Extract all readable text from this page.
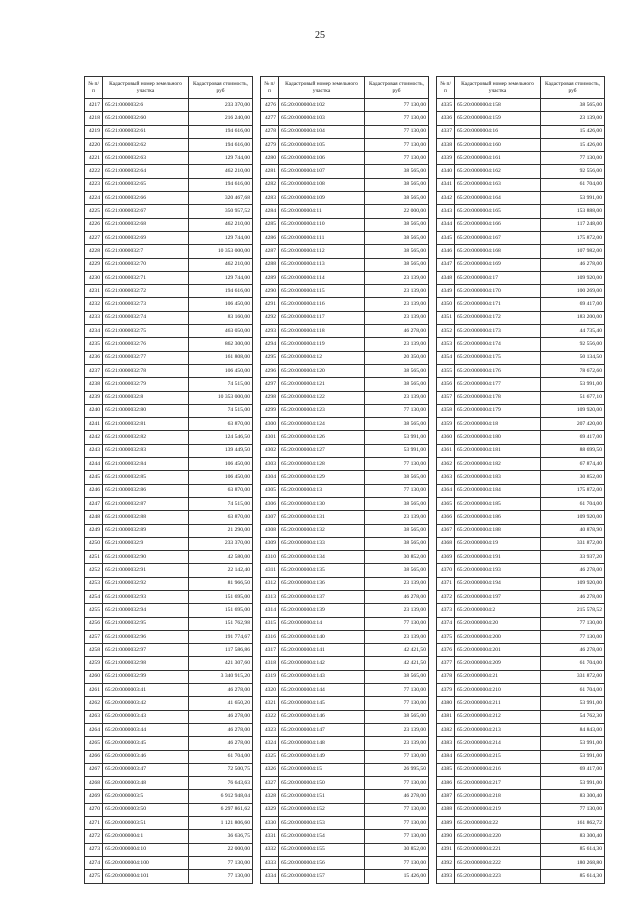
25
№ п/п	Кадастровый номер земельного участка	Кадастровая стоимость, руб
4217	65:21:0000032:6	233 370,00
4218	65:21:0000032:60	216 240,00
4219	65:21:0000032:61	194 616,00
4220	65:21:0000032:62	194 616,00
4221	65:21:0000032:63	129 744,00
4222	65:21:0000032:64	462 210,00
4223	65:21:0000032:65	194 616,00
4224	65:21:0000032:66	320 467,68
4225	65:21:0000032:67	350 957,52
4226	65:21:0000032:68	462 210,00
4227	65:21:0000032:69	129 744,00
4228	65:21:0000032:7	10 353 000,00
4229	65:21:0000032:70	462 210,00
4230	65:21:0000032:71	129 744,00
4231	65:21:0000032:72	194 616,00
4232	65:21:0000032:73	106 450,00
4233	65:21:0000032:74	83 160,00
4234	65:21:0000032:75	463 050,00
4235	65:21:0000032:76	862 300,00
4236	65:21:0000032:77	161 808,00
4237	65:21:0000032:78	106 450,00
4238	65:21:0000032:79	74 515,00
4239	65:21:0000032:8	10 353 000,00
4240	65:21:0000032:80	74 515,00
4241	65:21:0000032:81	63 870,00
4242	65:21:0000032:82	124 546,50
4243	65:21:0000032:83	139 449,50
4244	65:21:0000032:84	106 450,00
4245	65:21:0000032:85	106 450,00
4246	65:21:0000032:86	63 870,00
4247	65:21:0000032:87	74 515,00
4248	65:21:0000032:88	63 870,00
4249	65:21:0000032:89	21 290,00
4250	65:21:0000032:9	233 370,00
4251	65:21:0000032:90	42 580,00
4252	65:21:0000032:91	22 142,40
4253	65:21:0000032:92	81 966,50
4254	65:21:0000032:93	151 695,00
4255	65:21:0000032:94	151 695,00
4256	65:21:0000032:95	151 762,98
4257	65:21:0000032:96	191 774,67
4258	65:21:0000032:97	117 586,86
4259	65:21:0000032:98	421 307,60
4260	65:21:0000032:99	3 340 915,20
4261	65:20:0000003:41	46 278,00
4262	65:20:0000003:42	41 650,20
4263	65:20:0000003:43	46 278,00
4264	65:20:0000003:44	46 278,00
4265	65:20:0000003:45	46 278,00
4266	65:20:0000003:46	61 704,00
4267	65:20:0000003:47	72 500,75
4268	65:20:0000003:48	76 643,63
4269	65:20:0000003:5	6 912 948,04
4270	65:20:0000003:50	6 297 861,62
4271	65:20:0000003:51	1 121 806,60
4272	65:20:0000004:1	36 636,75
4273	65:20:0000004:10	22 000,00
4274	65:20:0000004:100	77 130,00
4275	65:20:0000004:101	77 130,00
№ п/п	Кадастровый номер земельного участка	Кадастровая стоимость, руб
4276	65:20:0000004:102	77 130,00
4277	65:20:0000004:103	77 130,00
4278	65:20:0000004:104	77 130,00
4279	65:20:0000004:105	77 130,00
4280	65:20:0000004:106	77 130,00
4281	65:20:0000004:107	38 565,00
4282	65:20:0000004:108	38 565,00
4283	65:20:0000004:109	38 565,00
4284	65:20:0000004:11	22 000,00
4285	65:20:0000004:110	38 565,00
4286	65:20:0000004:111	38 565,00
4287	65:20:0000004:112	38 565,00
4288	65:20:0000004:113	38 565,00
4289	65:20:0000004:114	23 139,00
4290	65:20:0000004:115	23 139,00
4291	65:20:0000004:116	23 139,00
4292	65:20:0000004:117	23 139,00
4293	65:20:0000004:118	46 278,00
4294	65:20:0000004:119	23 139,00
4295	65:20:0000004:12	20 350,00
4296	65:20:0000004:120	38 565,00
4297	65:20:0000004:121	38 565,00
4298	65:20:0000004:122	23 139,00
4299	65:20:0000004:123	77 130,00
4300	65:20:0000004:124	38 565,00
4301	65:20:0000004:126	53 991,00
4302	65:20:0000004:127	53 991,00
4303	65:20:0000004:128	77 130,00
4304	65:20:0000004:129	38 565,00
4305	65:20:0000004:13	77 130,00
4306	65:20:0000004:130	38 565,00
4307	65:20:0000004:131	23 139,00
4308	65:20:0000004:132	38 565,00
4309	65:20:0000004:133	38 565,00
4310	65:20:0000004:134	30 852,00
4311	65:20:0000004:135	38 565,00
4312	65:20:0000004:136	23 139,00
4313	65:20:0000004:137	46 278,00
4314	65:20:0000004:139	23 139,00
4315	65:20:0000004:14	77 130,00
4316	65:20:0000004:140	23 139,00
4317	65:20:0000004:141	42 421,50
4318	65:20:0000004:142	42 421,50
4319	65:20:0000004:143	38 565,00
4320	65:20:0000004:144	77 130,00
4321	65:20:0000004:145	77 130,00
4322	65:20:0000004:146	38 565,00
4323	65:20:0000004:147	23 139,00
4324	65:20:0000004:148	23 139,00
4325	65:20:0000004:149	77 130,00
4326	65:20:0000004:15	26 995,50
4327	65:20:0000004:150	77 130,00
4328	65:20:0000004:151	46 278,00
4329	65:20:0000004:152	77 130,00
4330	65:20:0000004:153	77 130,00
4331	65:20:0000004:154	77 130,00
4332	65:20:0000004:155	30 852,00
4333	65:20:0000004:156	77 130,00
4334	65:20:0000004:157	15 426,00
№ п/п	Кадастровый номер земельного участка	Кадастровая стоимость, руб
4335	65:20:0000004:158	38 565,00
4336	65:20:0000004:159	23 139,00
4337	65:20:0000004:16	15 426,00
4338	65:20:0000004:160	15 426,00
4339	65:20:0000004:161	77 130,00
4340	65:20:0000004:162	92 556,00
4341	65:20:0000004:163	61 704,00
4342	65:20:0000004:164	53 991,00
4343	65:20:0000004:165	153 888,00
4344	65:20:0000004:166	117 248,00
4345	65:20:0000004:167	175 872,00
4346	65:20:0000004:168	107 982,00
4347	65:20:0000004:169	46 278,00
4348	65:20:0000004:17	109 920,00
4349	65:20:0000004:170	100 269,00
4350	65:20:0000004:171	69 417,00
4351	65:20:0000004:172	183 200,00
4352	65:20:0000004:173	44 735,40
4353	65:20:0000004:174	92 556,00
4354	65:20:0000004:175	50 134,50
4355	65:20:0000004:176	78 672,60
4356	65:20:0000004:177	53 991,00
4357	65:20:0000004:178	51 677,10
4358	65:20:0000004:179	109 920,00
4359	65:20:0000004:18	207 420,00
4360	65:20:0000004:180	69 417,00
4361	65:20:0000004:181	88 699,50
4362	65:20:0000004:182	67 874,40
4363	65:20:0000004:183	30 852,00
4364	65:20:0000004:184	175 872,00
4365	65:20:0000004:185	61 704,00
4366	65:20:0000004:186	109 920,00
4367	65:20:0000004:188	40 878,90
4368	65:20:0000004:19	331 872,00
4369	65:20:0000004:191	33 937,20
4370	65:20:0000004:193	46 278,00
4371	65:20:0000004:194	109 920,00
4372	65:20:0000004:197	46 278,00
4373	65:20:0000004:2	215 578,52
4374	65:20:0000004:20	77 130,00
4375	65:20:0000004:200	77 130,00
4376	65:20:0000004:201	46 278,00
4377	65:20:0000004:209	61 704,00
4378	65:20:0000004:21	331 872,00
4379	65:20:0000004:210	61 704,00
4380	65:20:0000004:211	53 991,00
4381	65:20:0000004:212	54 762,30
4382	65:20:0000004:213	84 843,00
4383	65:20:0000004:214	53 991,00
4384	65:20:0000004:215	53 991,00
4385	65:20:0000004:216	69 417,00
4386	65:20:0000004:217	53 991,00
4387	65:20:0000004:218	83 300,40
4388	65:20:0000004:219	77 130,00
4389	65:20:0000004:22	161 862,72
4390	65:20:0000004:220	83 300,40
4391	65:20:0000004:221	85 614,30
4392	65:20:0000004:222	180 268,80
4393	65:20:0000004:223	85 614,30
